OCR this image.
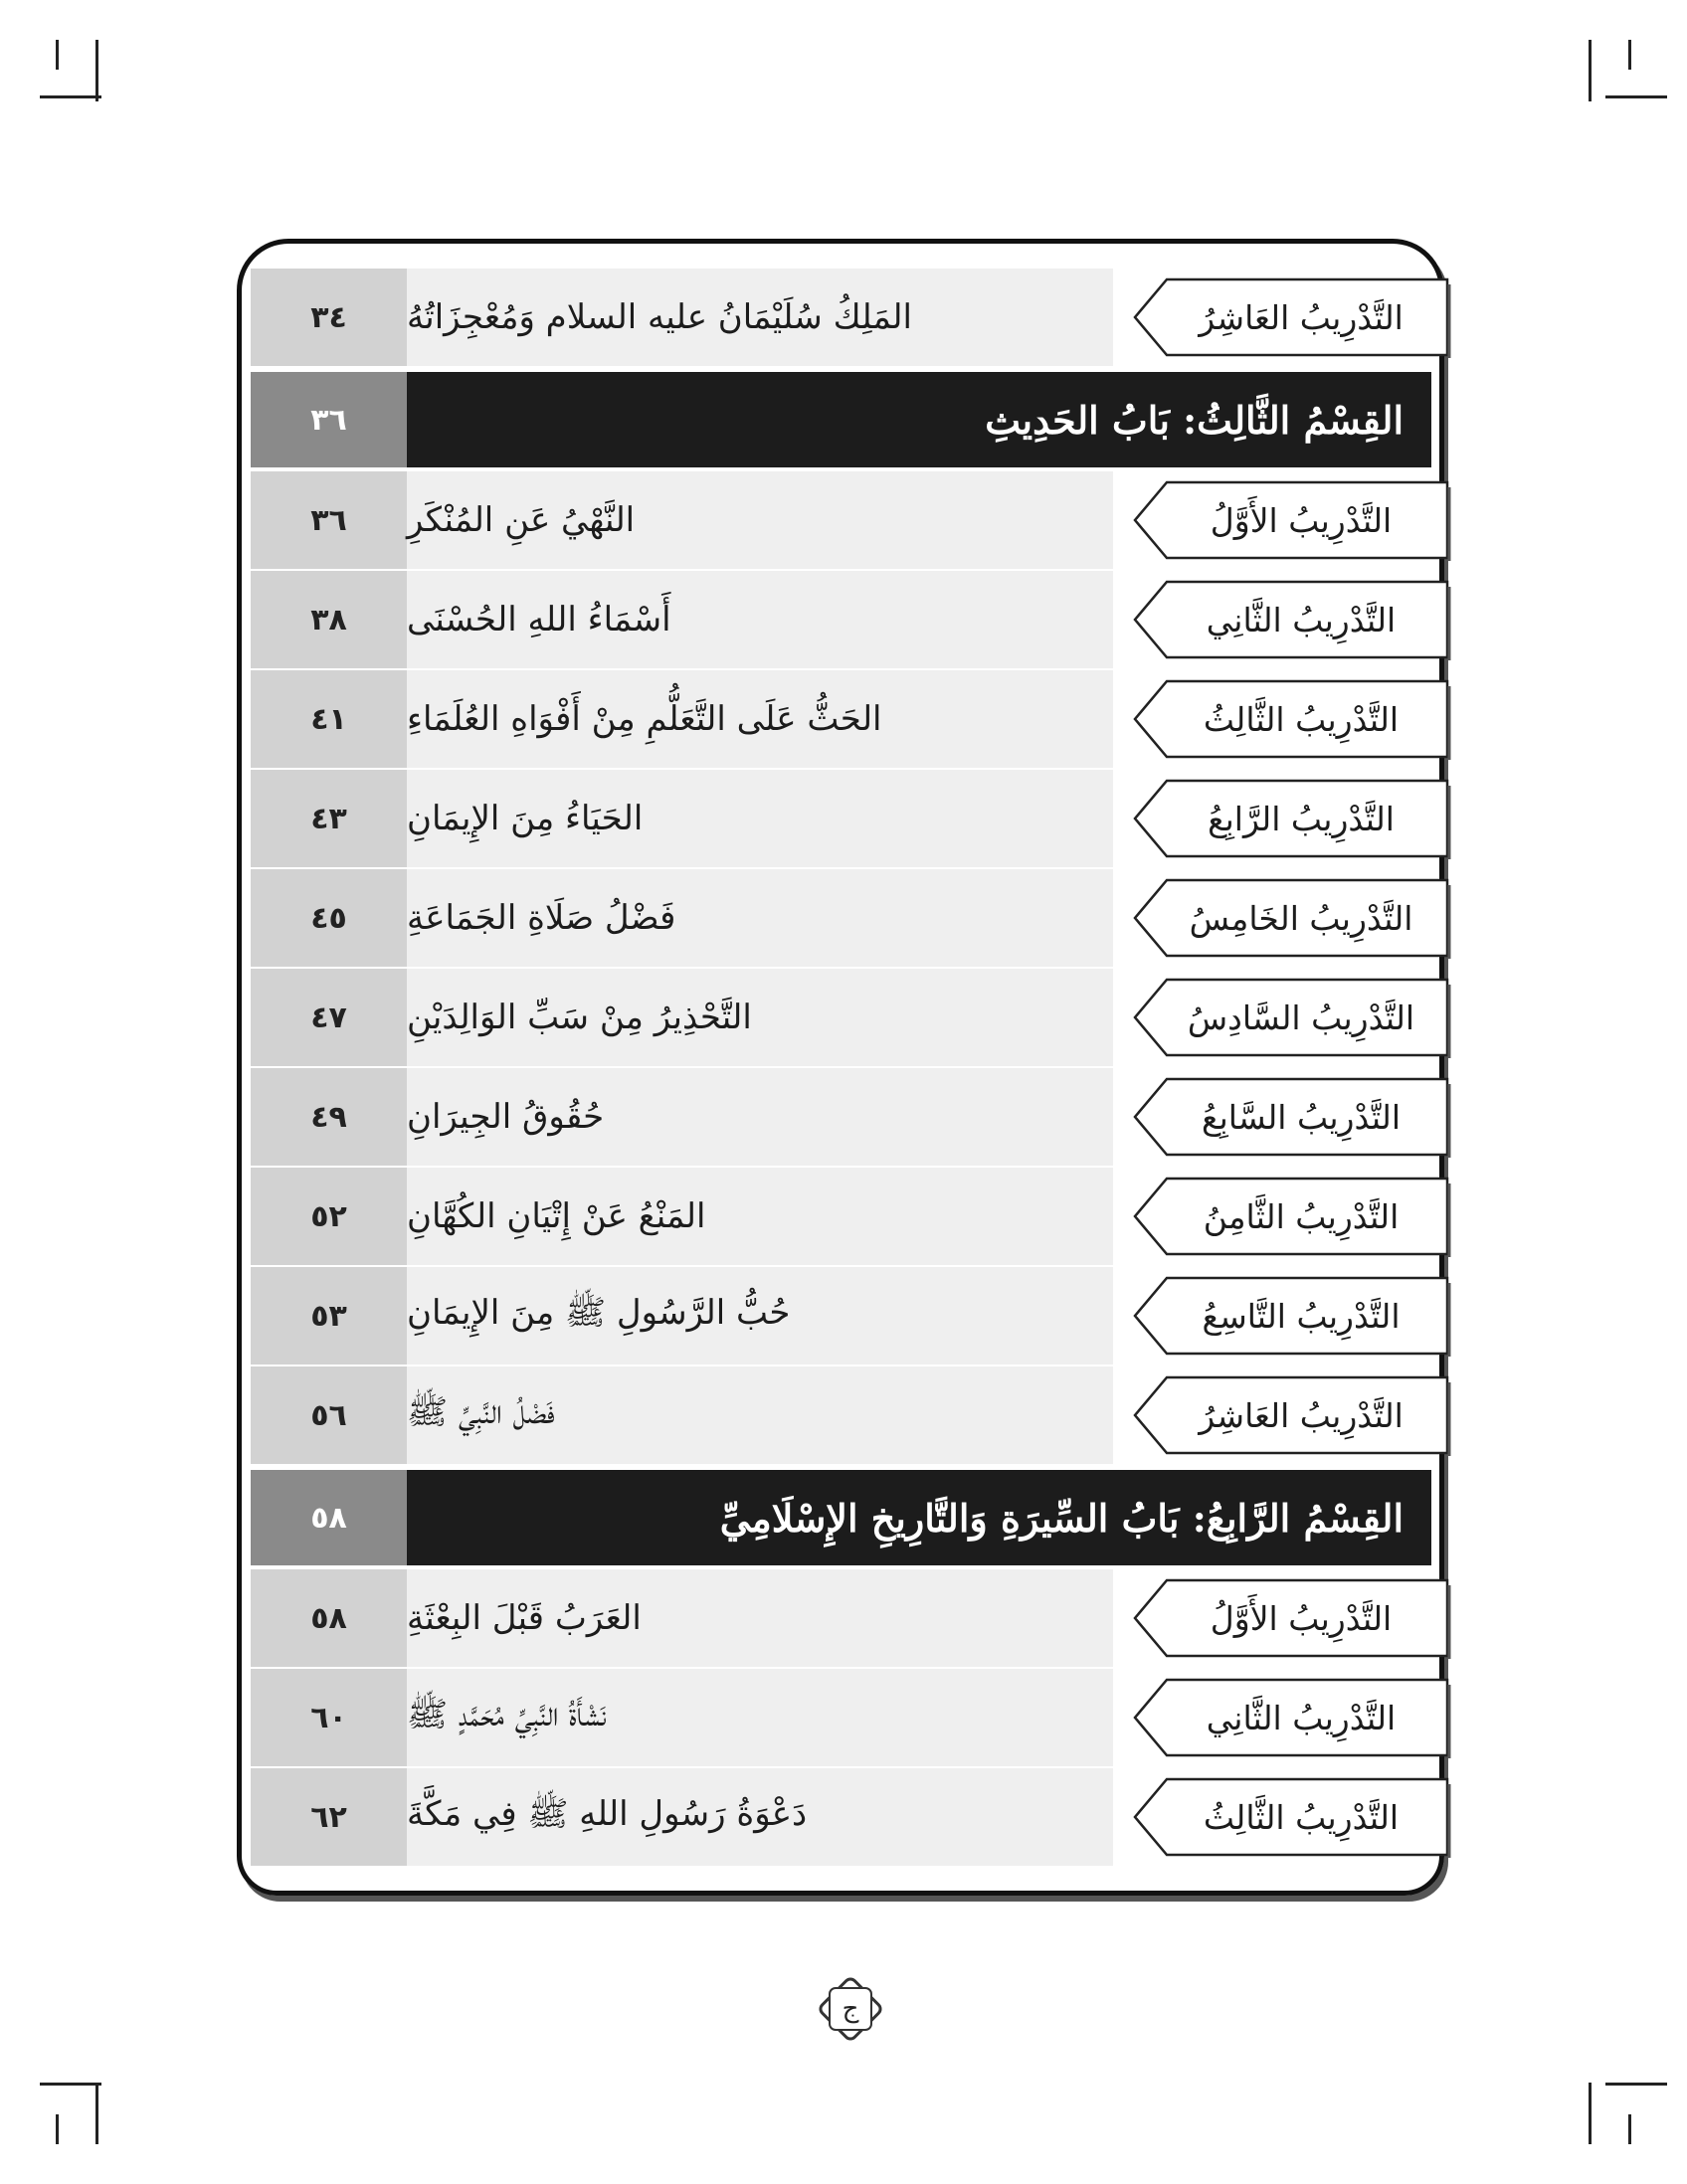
٣٤	المَلِكُ سُلَيْمَانُ عليه السلام وَمُعْجِزَاتُهُ	التَّدْرِيبُ العَاشِرُ
٣٦	القِسْمُ الثَّالِثُ: بَابُ الحَدِيثِ
٣٦	النَّهْيُ عَنِ المُنْكَرِ	التَّدْرِيبُ الأَوَّلُ
٣٨	أَسْمَاءُ اللهِ الحُسْنَى	التَّدْرِيبُ الثَّانِي
٤١	الحَثُّ عَلَى التَّعَلُّمِ مِنْ أَفْوَاهِ العُلَمَاءِ	التَّدْرِيبُ الثَّالِثُ
٤٣	الحَيَاءُ مِنَ الإِيمَانِ	التَّدْرِيبُ الرَّابِعُ
٤٥	فَضْلُ صَلَاةِ الجَمَاعَةِ	التَّدْرِيبُ الخَامِسُ
٤٧	التَّحْذِيرُ مِنْ سَبِّ الوَالِدَيْنِ	التَّدْرِيبُ السَّادِسُ
٤٩	حُقُوقُ الجِيرَانِ	التَّدْرِيبُ السَّابِعُ
٥٢	المَنْعُ عَنْ إِتْيَانِ الكُهَّانِ	التَّدْرِيبُ الثَّامِنُ
٥٣	حُبُّ الرَّسُولِ ﷺ مِنَ الإِيمَانِ	التَّدْرِيبُ التَّاسِعُ
٥٦	فَضْلُ النَّبِيِّ ﷺ	التَّدْرِيبُ العَاشِرُ
٥٨	القِسْمُ الرَّابِعُ: بَابُ السِّيرَةِ وَالتَّارِيخِ الإِسْلَامِيِّ
٥٨	العَرَبُ قَبْلَ البِعْثَةِ	التَّدْرِيبُ الأَوَّلُ
٦٠	نَشْأَةُ النَّبِيِّ مُحَمَّدٍ ﷺ	التَّدْرِيبُ الثَّانِي
٦٢	دَعْوَةُ رَسُولِ اللهِ ﷺ فِي مَكَّةَ	التَّدْرِيبُ الثَّالِثُ
ج
